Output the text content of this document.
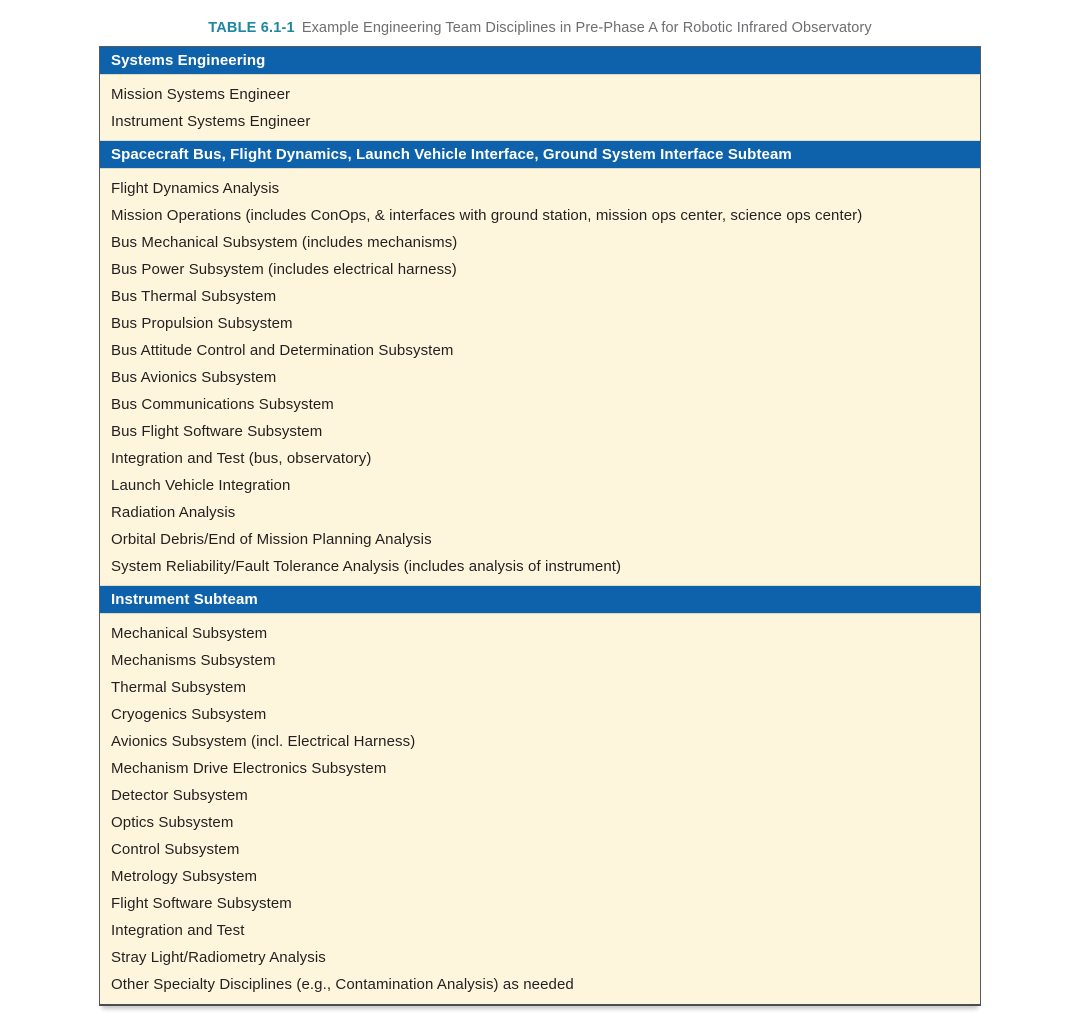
TABLE 6.1-1 Example Engineering Team Disciplines in Pre-Phase A for Robotic Infrared Observatory
Systems Engineering
Mission Systems Engineer
Instrument Systems Engineer
Spacecraft Bus, Flight Dynamics, Launch Vehicle Interface, Ground System Interface Subteam
Flight Dynamics Analysis
Mission Operations (includes ConOps, & interfaces with ground station, mission ops center, science ops center)
Bus Mechanical Subsystem (includes mechanisms)
Bus Power Subsystem (includes electrical harness)
Bus Thermal Subsystem
Bus Propulsion Subsystem
Bus Attitude Control and Determination Subsystem
Bus Avionics Subsystem
Bus Communications Subsystem
Bus Flight Software Subsystem
Integration and Test (bus, observatory)
Launch Vehicle Integration
Radiation Analysis
Orbital Debris/End of Mission Planning Analysis
System Reliability/Fault Tolerance Analysis (includes analysis of instrument)
Instrument Subteam
Mechanical Subsystem
Mechanisms Subsystem
Thermal Subsystem
Cryogenics Subsystem
Avionics Subsystem (incl. Electrical Harness)
Mechanism Drive Electronics Subsystem
Detector Subsystem
Optics Subsystem
Control Subsystem
Metrology Subsystem
Flight Software Subsystem
Integration and Test
Stray Light/Radiometry Analysis
Other Specialty Disciplines (e.g., Contamination Analysis) as needed
